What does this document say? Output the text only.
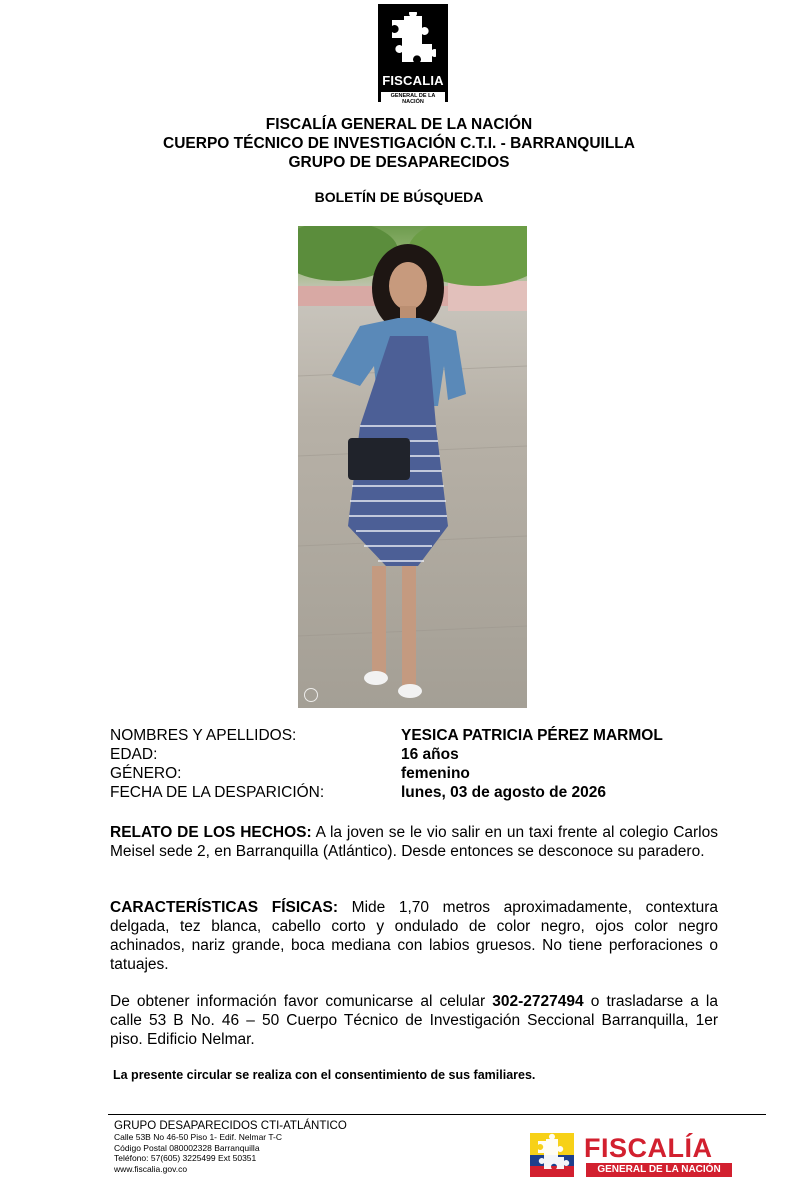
FISCALIA
GENERAL DE LA NACIÓN
FISCALÍA GENERAL DE LA NACIÓN
CUERPO TÉCNICO DE INVESTIGACIÓN C.T.I. - BARRANQUILLA
GRUPO DE DESAPARECIDOS
BOLETÍN DE BÚSQUEDA
NOMBRES Y APELLIDOS:	YESICA PATRICIA PÉREZ MARMOL
EDAD:	16 años
GÉNERO:	femenino
FECHA DE LA DESPARICIÓN:	lunes, 03 de agosto de 2026
RELATO DE LOS HECHOS: A la joven se le vio salir en un taxi frente al colegio Carlos Meisel sede 2, en Barranquilla (Atlántico). Desde entonces se desconoce su paradero.
CARACTERÍSTICAS FÍSICAS: Mide 1,70 metros aproximadamente, contextura delgada, tez blanca, cabello corto y ondulado de color negro, ojos color negro achinados, nariz grande, boca mediana con labios gruesos. No tiene perforaciones o tatuajes.
De obtener información favor comunicarse al celular 302-2727494 o trasladarse a la calle 53 B No. 46 – 50 Cuerpo Técnico de Investigación Seccional Barranquilla, 1er piso. Edificio Nelmar.
La presente circular se realiza con el consentimiento de sus familiares.
GRUPO DESAPARECIDOS CTI-ATLÁNTICO
Calle 53B No 46-50 Piso 1- Edif. Nelmar T-C
Código Postal 080002328 Barranquilla
Teléfono: 57(605) 3225499 Ext 50351
www.fiscalia.gov.co
FISCALÍA
GENERAL DE LA NACIÓN
